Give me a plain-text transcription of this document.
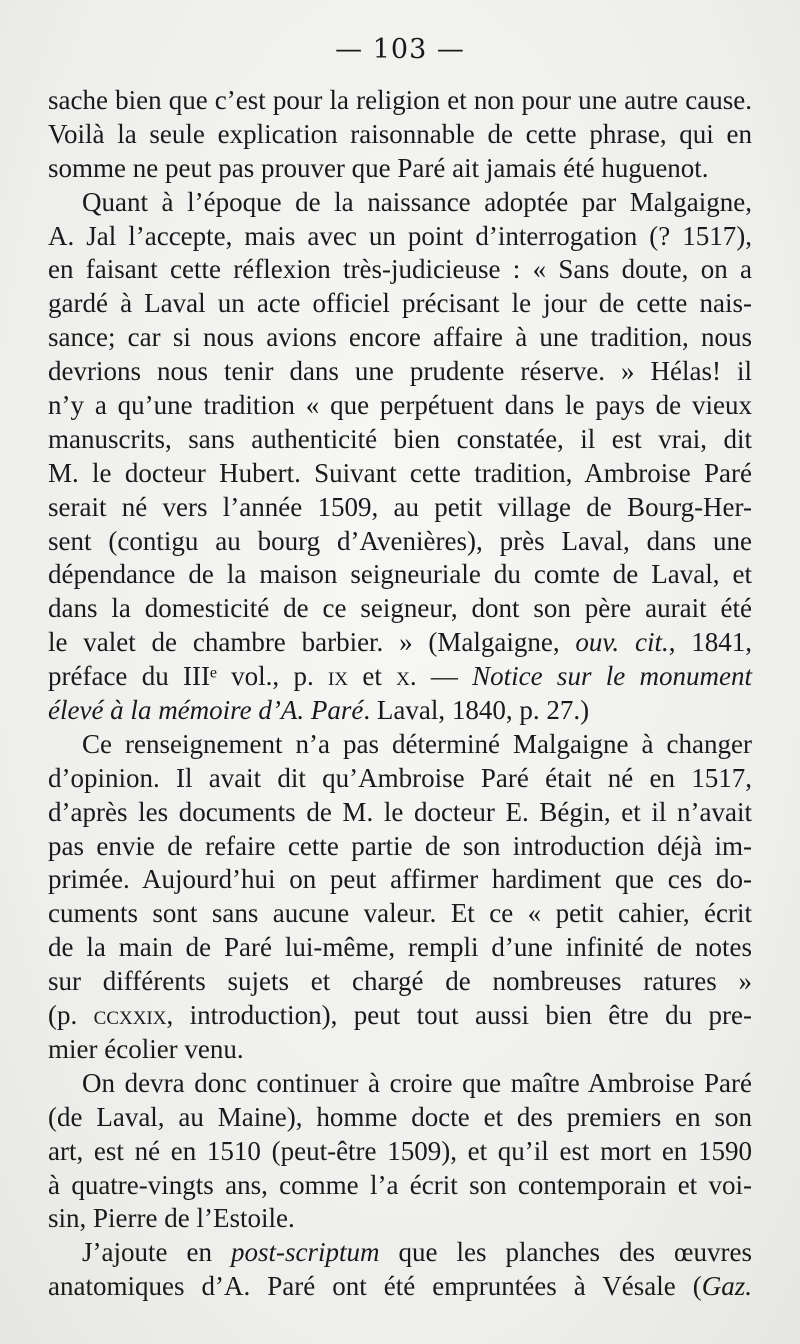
— 103 —
sache bien que c’est pour la religion et non pour une autre cause.
Voilà la seule explication raisonnable de cette phrase, qui en
somme ne peut pas prouver que Paré ait jamais été huguenot.
Quant à l’époque de la naissance adoptée par Malgaigne,
A. Jal l’accepte, mais avec un point d’interrogation (? 1517),
en faisant cette réflexion très-judicieuse : « Sans doute, on a
gardé à Laval un acte officiel précisant le jour de cette nais-
sance; car si nous avions encore affaire à une tradition, nous
devrions nous tenir dans une prudente réserve. » Hélas! il
n’y a qu’une tradition « que perpétuent dans le pays de vieux
manuscrits, sans authenticité bien constatée, il est vrai, dit
M. le docteur Hubert. Suivant cette tradition, Ambroise Paré
serait né vers l’année 1509, au petit village de Bourg-Her-
sent (contigu au bourg d’Avenières), près Laval, dans une
dépendance de la maison seigneuriale du comte de Laval, et
dans la domesticité de ce seigneur, dont son père aurait été
le valet de chambre barbier. » (Malgaigne, ouv. cit., 1841,
préface du IIIᵉ vol., p. ix et x. — Notice sur le monument
élevé à la mémoire d’A. Paré. Laval, 1840, p. 27.)
Ce renseignement n’a pas déterminé Malgaigne à changer
d’opinion. Il avait dit qu’Ambroise Paré était né en 1517,
d’après les documents de M. le docteur E. Bégin, et il n’avait
pas envie de refaire cette partie de son introduction déjà im-
primée. Aujourd’hui on peut affirmer hardiment que ces do-
cuments sont sans aucune valeur. Et ce « petit cahier, écrit
de la main de Paré lui-même, rempli d’une infinité de notes
sur différents sujets et chargé de nombreuses ratures »
(p. ccxxix, introduction), peut tout aussi bien être du pre-
mier écolier venu.
On devra donc continuer à croire que maître Ambroise Paré
(de Laval, au Maine), homme docte et des premiers en son
art, est né en 1510 (peut-être 1509), et qu’il est mort en 1590
à quatre-vingts ans, comme l’a écrit son contemporain et voi-
sin, Pierre de l’Estoile.
J’ajoute en post-scriptum que les planches des œuvres
anatomiques d’A. Paré ont été empruntées à Vésale (Gaz.
